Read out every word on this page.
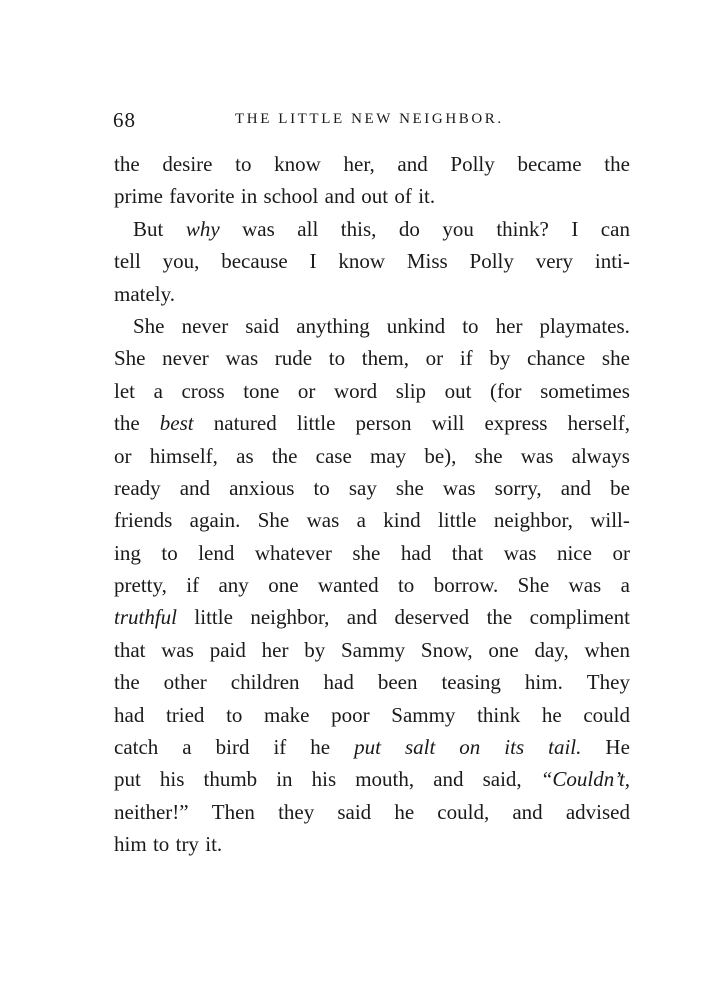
68	THE LITTLE NEW NEIGHBOR.
the desire to know her, and Polly became the
prime favorite in school and out of it.
But why was all this, do you think? I can
tell you, because I know Miss Polly very inti-
mately.
She never said anything unkind to her playmates.
She never was rude to them, or if by chance she
let a cross tone or word slip out (for sometimes
the best natured little person will express herself,
or himself, as the case may be), she was always
ready and anxious to say she was sorry, and be
friends again. She was a kind little neighbor, will-
ing to lend whatever she had that was nice or
pretty, if any one wanted to borrow. She was a
truthful little neighbor, and deserved the compliment
that was paid her by Sammy Snow, one day, when
the other children had been teasing him. They
had tried to make poor Sammy think he could
catch a bird if he put salt on its tail. He
put his thumb in his mouth, and said, “Couldn’t,
neither!” Then they said he could, and advised
him to try it.
